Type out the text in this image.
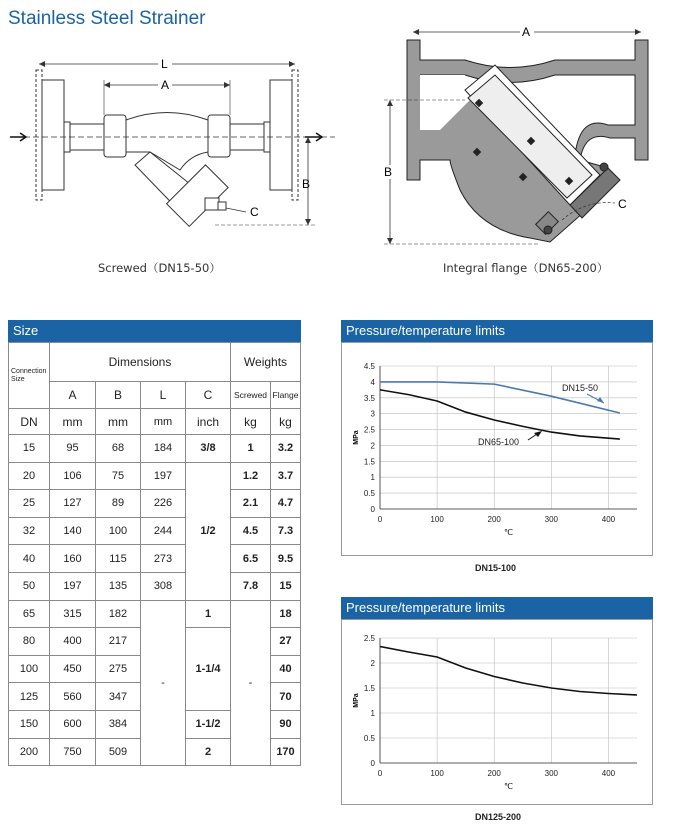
Stainless Steel Strainer
L
A
B
C
Screwed（DN15-50）
A
B
C
Integral flange（DN65-200）
Size
Connection Size	Dimensions				Weights	
	A	B	L	C	Screwed	Flange
DN	mm	mm	mm	inch	kg	kg
15	95	68	184	3/8	1	3.2
20	106	75	197	1/2	1.2	3.7
25	127	89	226		2.1	4.7
32	140	100	244		4.5	7.3
40	160	115	273		6.5	9.5
50	197	135	308		7.8	15
65	315	182	-	1	-	18
80	400	217		1-1/4		27
100	450	275				40
125	560	347				70
150	600	384		1-1/2		90
200	750	509		2		170
Pressure/temperature limits
0
0.5
1
1.5
2
2.5
3
3.5
4
4.5
0	100	200	300	400
MPa
℃
DN15-50
DN65-100
DN15-100
Pressure/temperature limits
0
0.5
1
1.5
2
2.5
0	100	200	300	400
MPa
℃
DN125-200
